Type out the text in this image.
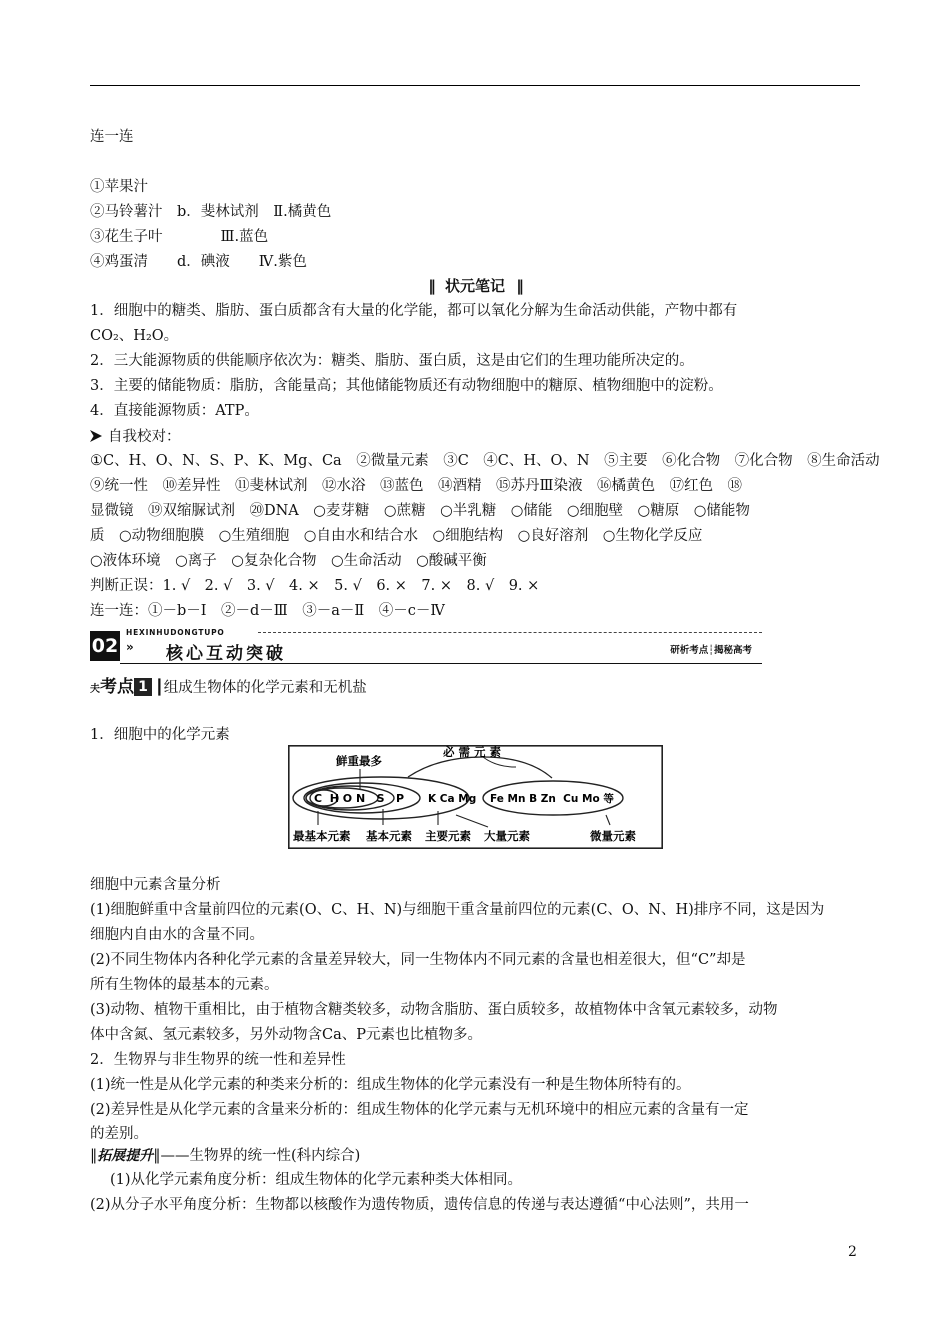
连一连
①苹果汁
②马铃薯汁　b．斐林试剂　Ⅱ.橘黄色
③花生子叶　　　　Ⅲ.蓝色
④鸡蛋清　　d．碘液　　Ⅳ.紫色
‖ 状元笔记 ‖
1．细胞中的糖类、脂肪、蛋白质都含有大量的化学能，都可以氧化分解为生命活动供能，产物中都有
CO₂、H₂O。
2．三大能源物质的供能顺序依次为：糖类、脂肪、蛋白质，这是由它们的生理功能所决定的。
3．主要的储能物质：脂肪，含能量高；其他储能物质还有动物细胞中的糖原、植物细胞中的淀粉。
4．直接能源物质：ATP。
自我校对：
①C、H、O、N、S、P、K、Mg、Ca　②微量元素　③C　④C、H、O、N　⑤主要　⑥化合物　⑦化合物　⑧生命活动
⑨统一性　⑩差异性　⑪斐林试剂　⑫水浴　⑬蓝色　⑭酒精　⑮苏丹Ⅲ染液　⑯橘黄色　⑰红色　⑱
显微镜　⑲双缩脲试剂　⑳DNA　○麦芽糖　○蔗糖　○半乳糖　○储能　○细胞壁　○糖原　○储能物
质　○动物细胞膜　○生殖细胞　○自由水和结合水　○细胞结构　○良好溶剂　○生物化学反应
○液体环境　○离子　○复杂化合物　○生命活动　○酸碱平衡
判断正误：1. √　2. √　3. √　4. ×　5. √　6. ×　7. ×　8. √　9. ×
连一连：①－b－Ⅰ　②－d－Ⅲ　③－a－Ⅱ　④－c－Ⅳ
02
HEXINHUDONGTUPO
» 核心互动突破	研析考点┆揭秘高考
夫考点 1 ┃组成生物体的化学元素和无机盐
1．细胞中的化学元素
鲜重最多
必 需 元 素
C  H O N   S   P K Ca Mg Fe Mn B Zn  Cu Mo 等
最基本元素 基本元素 主要元素 大量元素	微量元素
细胞中元素含量分析
(1)细胞鲜重中含量前四位的元素(O、C、H、N)与细胞干重含量前四位的元素(C、O、N、H)排序不同，这是因为
细胞内自由水的含量不同。
(2)不同生物体内各种化学元素的含量差异较大，同一生物体内不同元素的含量也相差很大，但“C”却是
所有生物体的最基本的元素。
(3)动物、植物干重相比，由于植物含糖类较多，动物含脂肪、蛋白质较多，故植物体中含氧元素较多，动物
体中含氮、氢元素较多，另外动物含Ca、P元素也比植物多。
2．生物界与非生物界的统一性和差异性
(1)统一性是从化学元素的种类来分析的：组成生物体的化学元素没有一种是生物体所特有的。
(2)差异性是从化学元素的含量来分析的：组成生物体的化学元素与无机环境中的相应元素的含量有一定
的差别。
‖拓展提升‖——生物界的统一性(科内综合)
(1)从化学元素角度分析：组成生物体的化学元素种类大体相同。
(2)从分子水平角度分析：生物都以核酸作为遗传物质，遗传信息的传递与表达遵循“中心法则”，共用一
2
